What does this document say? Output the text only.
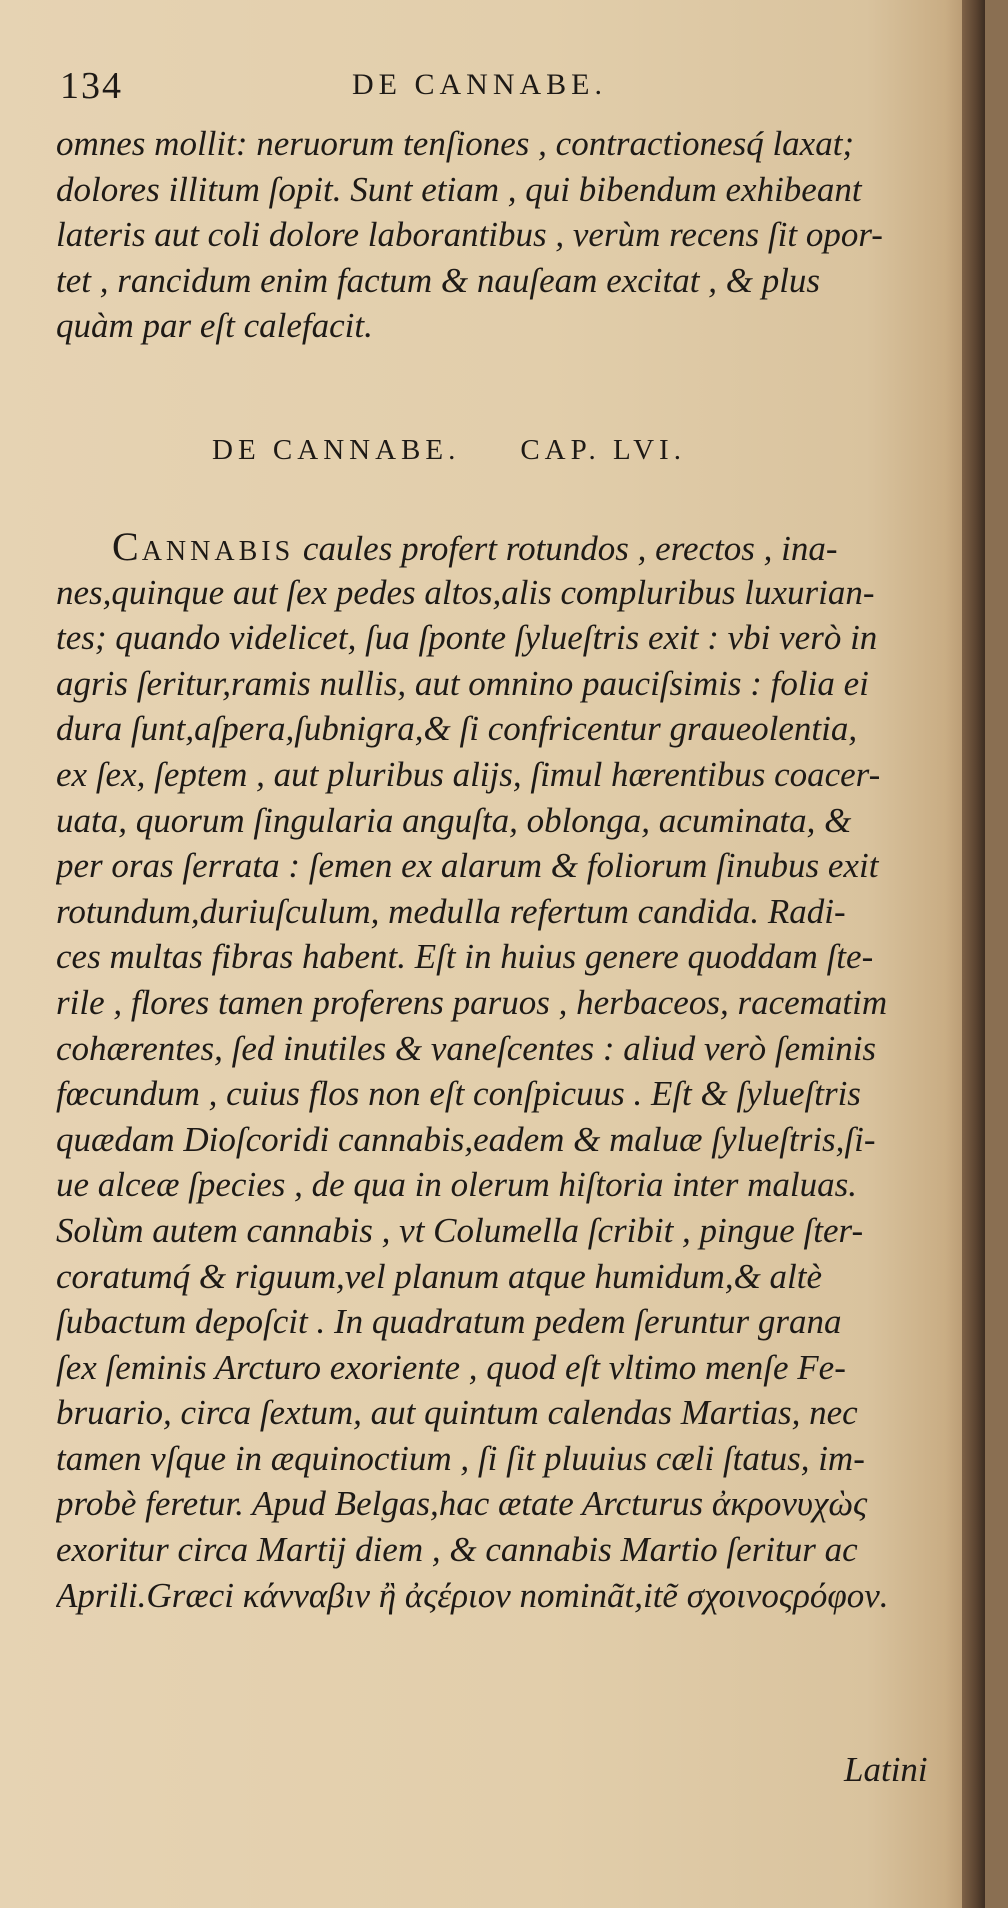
134	DE CANNABE.
omnes mollit: neruorum tenſiones , contractionesq́ laxat;
dolores illitum ſopit. Sunt etiam , qui bibendum exhibeant
lateris aut coli dolore laborantibus , verùm recens ſit opor-
tet , rancidum enim factum & nauſeam excitat , & plus
quàm par eſt calefacit.
DE CANNABE. CAP. LVI.
CANNABIS caules profert rotundos , erectos , ina-
nes,quinque aut ſex pedes altos,alis compluribus luxurian-
tes; quando videlicet, ſua ſponte ſylueſtris exit : vbi verò in
agris ſeritur,ramis nullis, aut omnino pauciſsimis : folia ei
dura ſunt,aſpera,ſubnigra,& ſi confricentur graueolentia,
ex ſex, ſeptem , aut pluribus alijs, ſimul hærentibus coacer-
uata, quorum ſingularia anguſta, oblonga, acuminata, &
per oras ſerrata : ſemen ex alarum & foliorum ſinubus exit
rotundum,duriuſculum, medulla refertum candida. Radi-
ces multas fibras habent. Eſt in huius genere quoddam ſte-
rile , flores tamen proferens paruos , herbaceos, racematim
cohærentes, ſed inutiles & vaneſcentes : aliud verò ſeminis
fœcundum , cuius flos non eſt conſpicuus . Eſt & ſylueſtris
quædam Dioſcoridi cannabis,eadem & maluæ ſylueſtris,ſi-
ue alceæ ſpecies , de qua in olerum hiſtoria inter maluas.
Solùm autem cannabis , vt Columella ſcribit , pingue ſter-
coratumq́ & riguum,vel planum atque humidum,& altè
ſubactum depoſcit . In quadratum pedem ſeruntur grana
ſex ſeminis Arcturo exoriente , quod eſt vltimo menſe Fe-
bruario, circa ſextum, aut quintum calendas Martias, nec
tamen vſque in æquinoctium , ſi ſit pluuius cæli ſtatus, im-
probè feretur. Apud Belgas,hac ætate Arcturus ἀκρονυχὼς
exoritur circa Martij diem , & cannabis Martio ſeritur ac
Aprili.Græci κάνναβιν ἢ ἀςέριον nominãt,itẽ σχοινοςρόφον.
Latini
